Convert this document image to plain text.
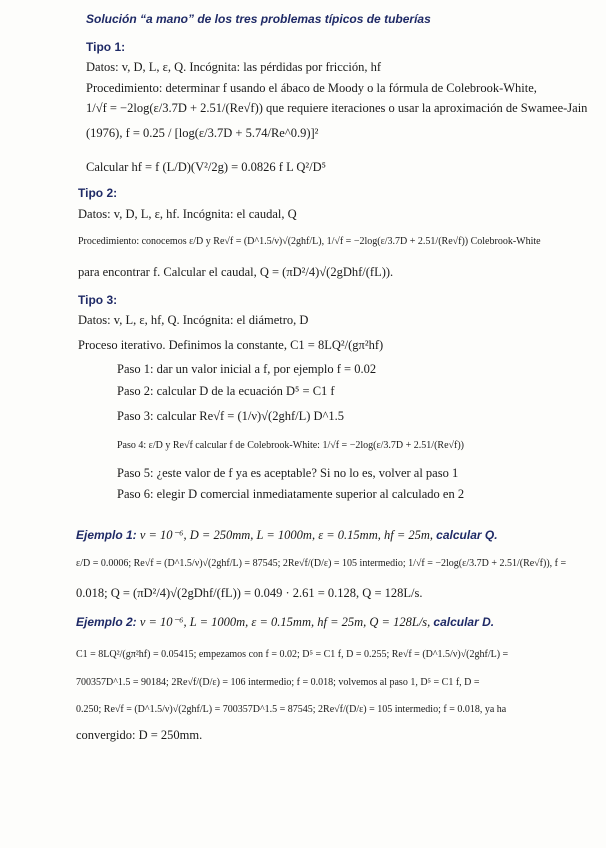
Solución “a mano” de los tres problemas típicos de tuberías
Tipo 1:
Datos: v, D, L, ε, Q. Incógnita: las pérdidas por fricción, hf
Procedimiento: determinar f usando el ábaco de Moody o la fórmula de Colebrook-White,
1/√f = −2log(ε/3.7D + 2.51/(Re√f)) que requiere iteraciones o usar la aproximación de Swamee-Jain
(1976), f = 0.25 / [log(ε/3.7D + 5.74/Re^0.9)]²
Calcular hf = f (L/D)(V²/2g) = 0.0826 f L Q²/D⁵
Tipo 2:
Datos: v, D, L, ε, hf. Incógnita: el caudal, Q
Procedimiento: conocemos ε/D y Re√f = (D^1.5/ν)√(2ghf/L), 1/√f = −2log(ε/3.7D + 2.51/(Re√f)) Colebrook-White
para encontrar f. Calcular el caudal, Q = (πD²/4)√(2gDhf/(fL)).
Tipo 3:
Datos: v, L, ε, hf, Q. Incógnita: el diámetro, D
Proceso iterativo. Definimos la constante, C1 = 8LQ²/(gπ²hf)
Paso 1: dar un valor inicial a f, por ejemplo f = 0.02
Paso 2: calcular D de la ecuación D⁵ = C1 f
Paso 3: calcular Re√f = (1/ν)√(2ghf/L) D^1.5
Paso 4: ε/D y Re√f calcular f de Colebrook-White: 1/√f = −2log(ε/3.7D + 2.51/(Re√f))
Paso 5: ¿este valor de f ya es aceptable? Si no lo es, volver al paso 1
Paso 6: elegir D comercial inmediatamente superior al calculado en 2
Ejemplo 1: ν = 10⁻⁶, D = 250mm, L = 1000m, ε = 0.15mm, hf = 25m, calcular Q.
ε/D = 0.0006; Re√f = (D^1.5/ν)√(2ghf/L) = 87545; 2Re√f/(D/ε) = 105 intermedio; 1/√f = −2log(ε/3.7D + 2.51/(Re√f)), f =
0.018; Q = (πD²/4)√(2gDhf/(fL)) = 0.049 · 2.61 = 0.128, Q = 128L/s.
Ejemplo 2: ν = 10⁻⁶, L = 1000m, ε = 0.15mm, hf = 25m, Q = 128L/s, calcular D.
C1 = 8LQ²/(gπ²hf) = 0.05415; empezamos con f = 0.02; D⁵ = C1 f, D = 0.255; Re√f = (D^1.5/ν)√(2ghf/L) =
700357D^1.5 = 90184; 2Re√f/(D/ε) = 106 intermedio; f = 0.018; volvemos al paso 1, D⁵ = C1 f, D =
0.250; Re√f = (D^1.5/ν)√(2ghf/L) = 700357D^1.5 = 87545; 2Re√f/(D/ε) = 105 intermedio; f = 0.018, ya ha
convergido: D = 250mm.
